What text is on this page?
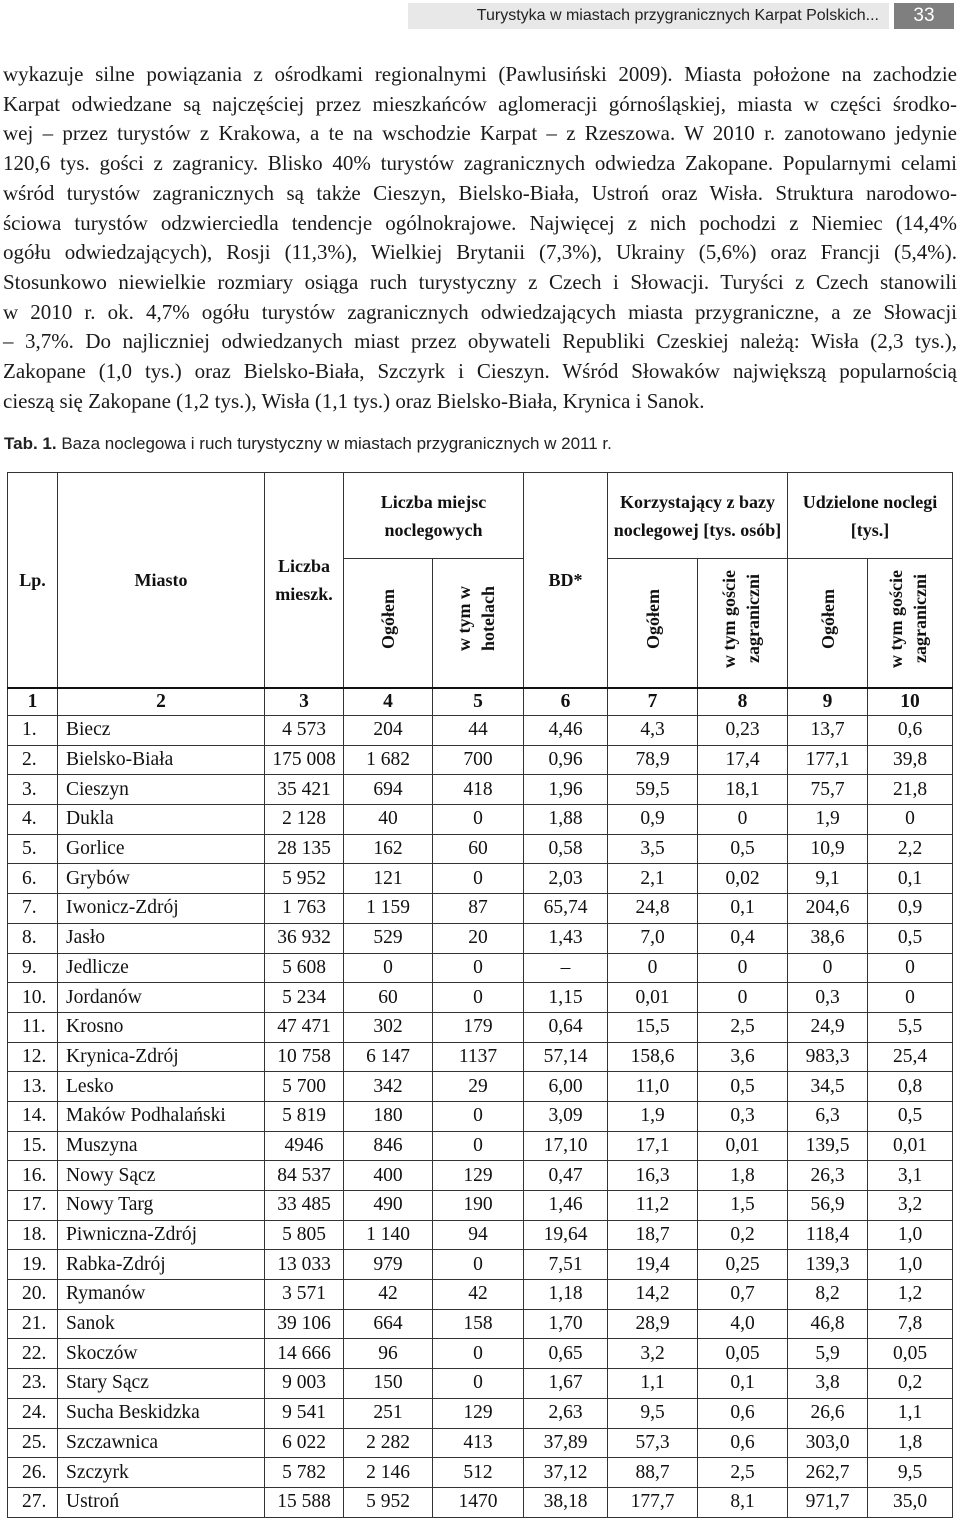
Turystyka w miastach przygranicznych Karpat Polskich...	33

wykazuje silne powiązania z ośrodkami regionalnymi (Pawlusiński 2009). Miasta położone na zachodzie
Karpat odwiedzane są najczęściej przez mieszkańców aglomeracji górnośląskiej, miasta w części środko-
wej – przez turystów z Krakowa, a te na wschodzie Karpat – z Rzeszowa. W 2010 r. zanotowano jedynie
120,6 tys. gości z zagranicy. Blisko 40% turystów zagranicznych odwiedza Zakopane. Popularnymi celami
wśród turystów zagranicznych są także Cieszyn, Bielsko-Biała, Ustroń oraz Wisła. Struktura narodowo-
ściowa turystów odzwierciedla tendencje ogólnokrajowe. Najwięcej z nich pochodzi z Niemiec (14,4%
ogółu odwiedzających), Rosji (11,3%), Wielkiej Brytanii (7,3%), Ukrainy (5,6%) oraz Francji (5,4%).
Stosunkowo niewielkie rozmiary osiąga ruch turystyczny z Czech i Słowacji. Turyści z Czech stanowili
w 2010 r. ok. 4,7% ogółu turystów zagranicznych odwiedzających miasta przygraniczne, a ze Słowacji
– 3,7%. Do najliczniej odwiedzanych miast przez obywateli Republiki Czeskiej należą: Wisła (2,3 tys.),
Zakopane (1,0 tys.) oraz Bielsko-Biała, Szczyrk i Cieszyn. Wśród Słowaków największą popularnością
cieszą się Zakopane (1,2 tys.), Wisła (1,1 tys.) oraz Bielsko-Biała, Krynica i Sanok.

Tab. 1. Baza noclegowa i ruch turystyczny w miastach przygranicznych w 2011 r.
Lp.	Miasto	Liczba mieszk.	Liczba miejsc noclegowych		BD*	Korzystający z bazy noclegowej [tys. osób]		Udzielone noclegi [tys.]	
			Ogółem	w tym w hotelach		Ogółem	w tym goście zagraniczni	Ogółem	w tym goście zagraniczni
1	2	3	4	5	6	7	8	9	10
1.	Biecz	4 573	204	44	4,46	4,3	0,23	13,7	0,6
2.	Bielsko-Biała	175 008	1 682	700	0,96	78,9	17,4	177,1	39,8
3.	Cieszyn	35 421	694	418	1,96	59,5	18,1	75,7	21,8
4.	Dukla	2 128	40	0	1,88	0,9	0	1,9	0
5.	Gorlice	28 135	162	60	0,58	3,5	0,5	10,9	2,2
6.	Grybów	5 952	121	0	2,03	2,1	0,02	9,1	0,1
7.	Iwonicz-Zdrój	1 763	1 159	87	65,74	24,8	0,1	204,6	0,9
8.	Jasło	36 932	529	20	1,43	7,0	0,4	38,6	0,5
9.	Jedlicze	5 608	0	0	–	0	0	0	0
10.	Jordanów	5 234	60	0	1,15	0,01	0	0,3	0
11.	Krosno	47 471	302	179	0,64	15,5	2,5	24,9	5,5
12.	Krynica-Zdrój	10 758	6 147	1137	57,14	158,6	3,6	983,3	25,4
13.	Lesko	5 700	342	29	6,00	11,0	0,5	34,5	0,8
14.	Maków Podhalański	5 819	180	0	3,09	1,9	0,3	6,3	0,5
15.	Muszyna	4946	846	0	17,10	17,1	0,01	139,5	0,01
16.	Nowy Sącz	84 537	400	129	0,47	16,3	1,8	26,3	3,1
17.	Nowy Targ	33 485	490	190	1,46	11,2	1,5	56,9	3,2
18.	Piwniczna-Zdrój	5 805	1 140	94	19,64	18,7	0,2	118,4	1,0
19.	Rabka-Zdrój	13 033	979	0	7,51	19,4	0,25	139,3	1,0
20.	Rymanów	3 571	42	42	1,18	14,2	0,7	8,2	1,2
21.	Sanok	39 106	664	158	1,70	28,9	4,0	46,8	7,8
22.	Skoczów	14 666	96	0	0,65	3,2	0,05	5,9	0,05
23.	Stary Sącz	9 003	150	0	1,67	1,1	0,1	3,8	0,2
24.	Sucha Beskidzka	9 541	251	129	2,63	9,5	0,6	26,6	1,1
25.	Szczawnica	6 022	2 282	413	37,89	57,3	0,6	303,0	1,8
26.	Szczyrk	5 782	2 146	512	37,12	88,7	2,5	262,7	9,5
27.	Ustroń	15 588	5 952	1470	38,18	177,7	8,1	971,7	35,0
